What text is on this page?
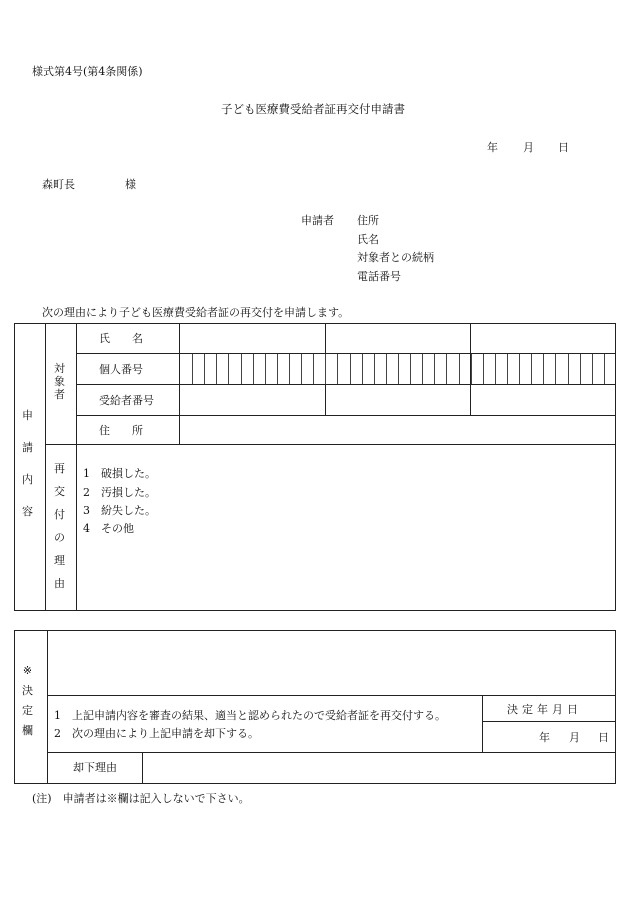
様式第4号(第4条関係)
子ども医療費受給者証再交付申請書
年 月 日
森町長	様
申請者 住所
氏名
対象者との続柄
電話番号
次の理由により子ども医療費受給者証の再交付を申請します。
申
請
内
容
対
象
者
氏　　名
個人番号
受給者番号
住　　所
再
交
付
の
理
由
1　破損した。
2　汚損した。
3　紛失した。
4　その他
※
決
定
欄
1　上記申請内容を審査の結果、適当と認められたので受給者証を再交付する。
2　次の理由により上記申請を却下する。
決定年月日
年 月 日
却下理由
(注)　申請者は※欄は記入しないで下さい。
